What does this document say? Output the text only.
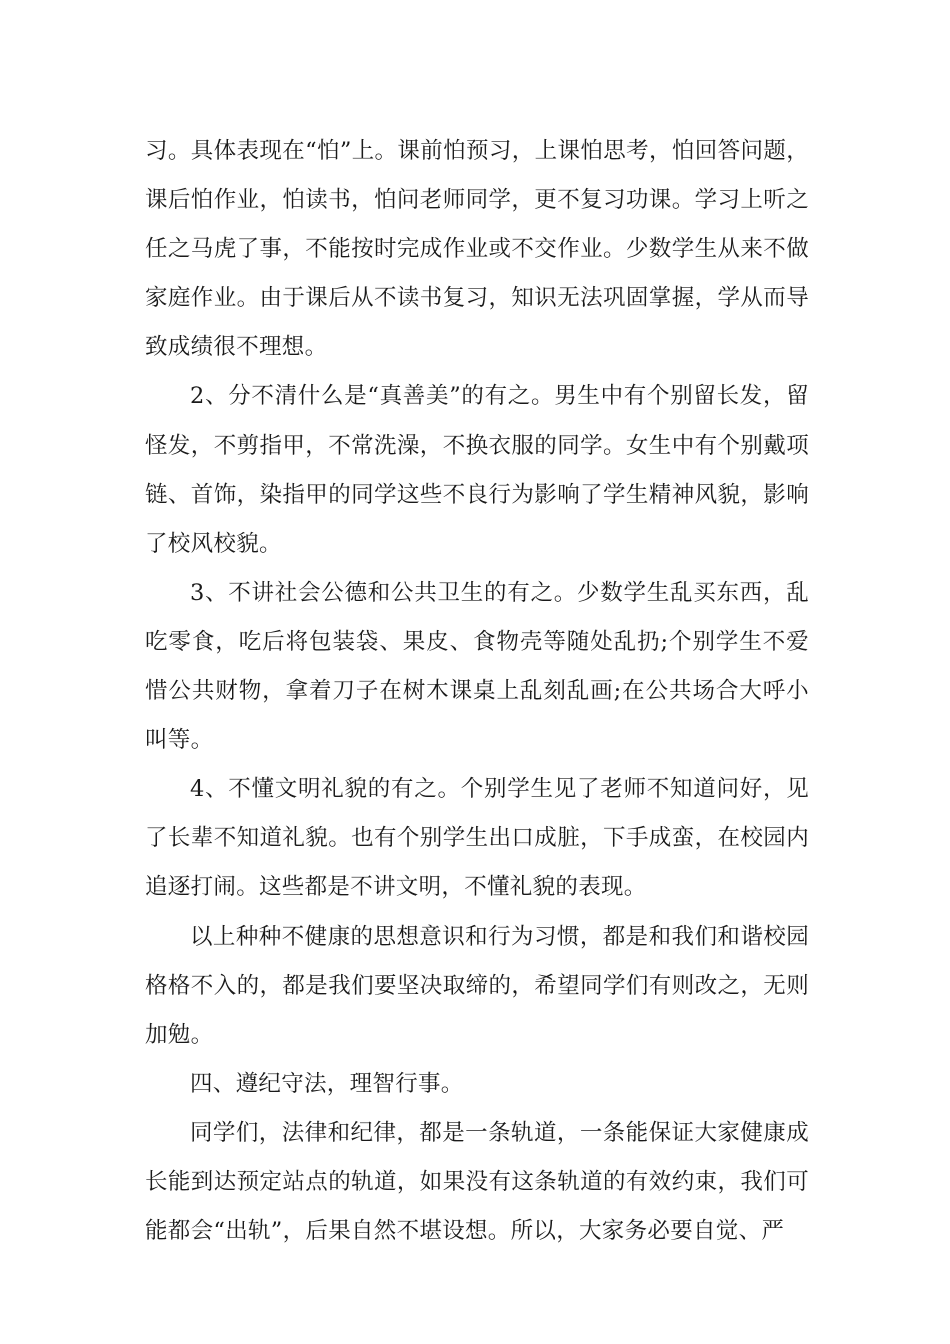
习。具体表现在“怕”上。课前怕预习，上课怕思考，怕回答问题，课后怕作业，怕读书，怕问老师同学，更不复习功课。学习上听之任之马虎了事，不能按时完成作业或不交作业。少数学生从来不做家庭作业。由于课后从不读书复习，知识无法巩固掌握，学从而导致成绩很不理想。

2、分不清什么是“真善美”的有之。男生中有个别留长发，留怪发，不剪指甲，不常洗澡，不换衣服的同学。女生中有个别戴项链、首饰，染指甲的同学这些不良行为影响了学生精神风貌，影响了校风校貌。

3、不讲社会公德和公共卫生的有之。少数学生乱买东西，乱吃零食，吃后将包装袋、果皮、食物壳等随处乱扔;个别学生不爱惜公共财物，拿着刀子在树木课桌上乱刻乱画;在公共场合大呼小叫等。

4、不懂文明礼貌的有之。个别学生见了老师不知道问好，见了长辈不知道礼貌。也有个别学生出口成脏，下手成蛮，在校园内追逐打闹。这些都是不讲文明，不懂礼貌的表现。

以上种种不健康的思想意识和行为习惯，都是和我们和谐校园格格不入的，都是我们要坚决取缔的，希望同学们有则改之，无则加勉。

四、遵纪守法，理智行事。

同学们，法律和纪律，都是一条轨道，一条能保证大家健康成长能到达预定站点的轨道，如果没有这条轨道的有效约束，我们可能都会“出轨”，后果自然不堪设想。所以，大家务必要自觉、严
